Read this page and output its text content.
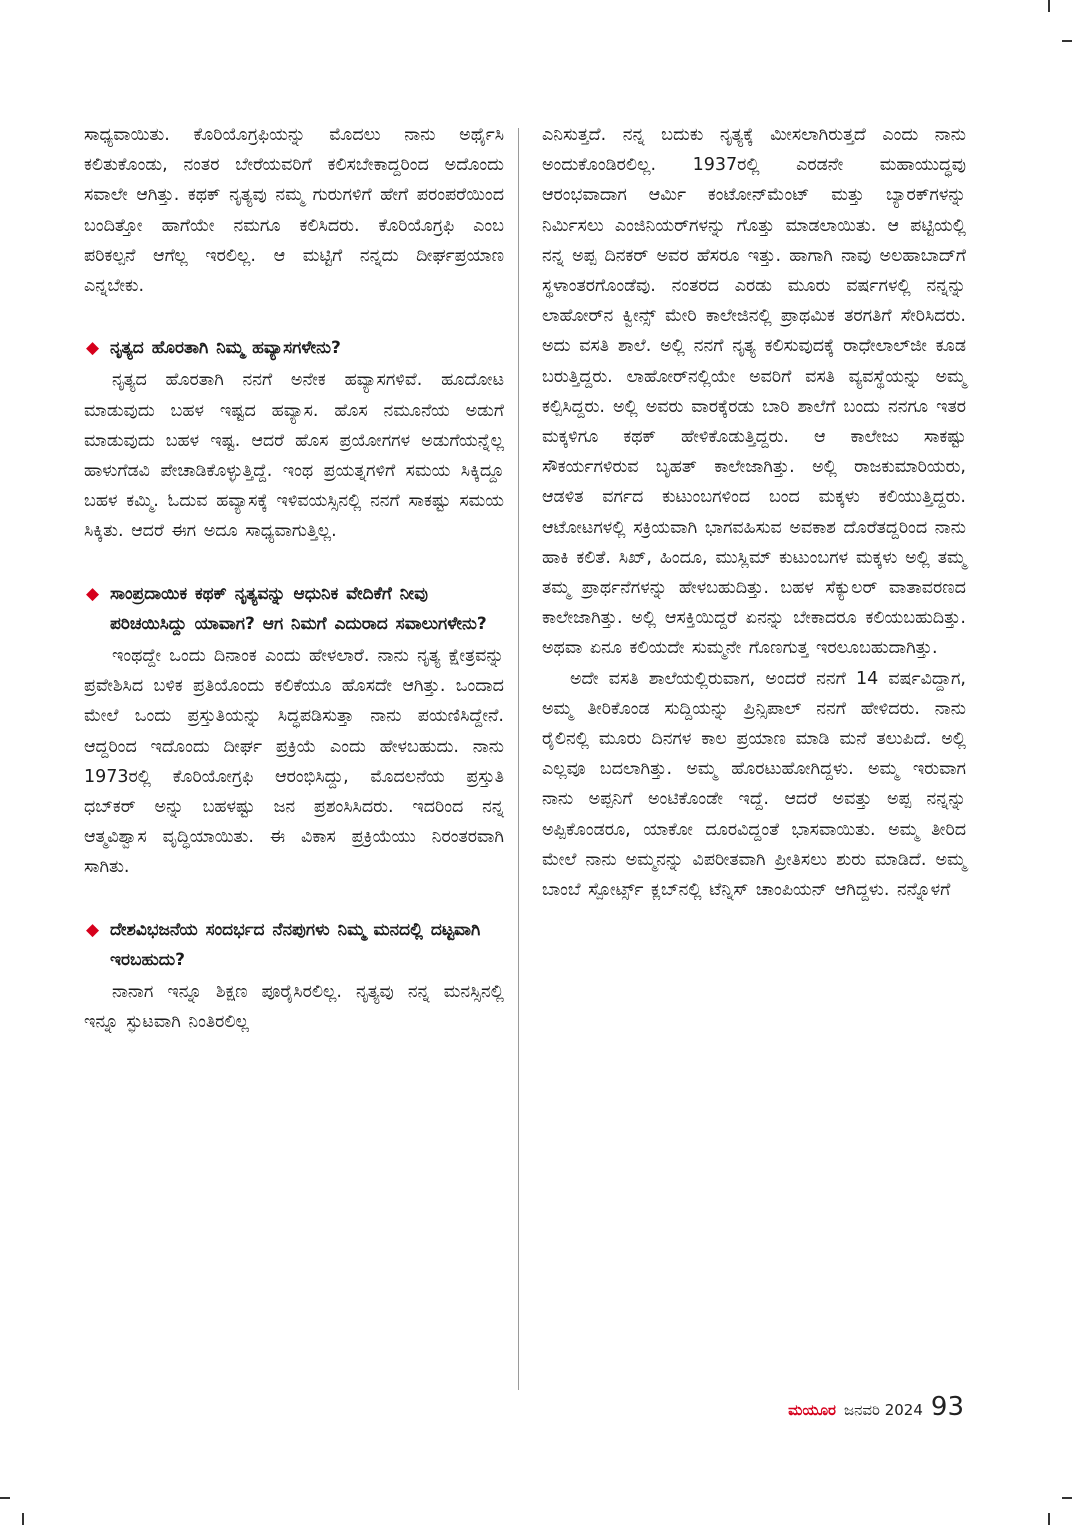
ಸಾಧ್ಯವಾಯಿತು. ಕೊರಿಯೊಗ್ರಫಿಯನ್ನು ಮೊದಲು ನಾನು ಅರ್ಥೈಸಿ ಕಲಿತುಕೊಂಡು, ನಂತರ ಬೇರೆಯವರಿಗೆ ಕಲಿಸಬೇಕಾದ್ದರಿಂದ ಅದೊಂದು ಸವಾಲೇ ಆಗಿತ್ತು. ಕಥಕ್ ನೃತ್ಯವು ನಮ್ಮ ಗುರುಗಳಿಗೆ ಹೇಗೆ ಪರಂಪರೆಯಿಂದ ಬಂದಿತ್ತೋ ಹಾಗೆಯೇ ನಮಗೂ ಕಲಿಸಿದರು. ಕೊರಿಯೊಗ್ರಫಿ ಎಂಬ ಪರಿಕಲ್ಪನೆ ಆಗೆಲ್ಲ ಇರಲಿಲ್ಲ. ಆ ಮಟ್ಟಿಗೆ ನನ್ನದು ದೀರ್ಘಪ್ರಯಾಣ ಎನ್ನಬೇಕು.

◆ ನೃತ್ಯದ ಹೊರತಾಗಿ ನಿಮ್ಮ ಹವ್ಯಾಸಗಳೇನು?

ನೃತ್ಯದ ಹೊರತಾಗಿ ನನಗೆ ಅನೇಕ ಹವ್ಯಾಸಗಳಿವೆ. ಹೂದೋಟ ಮಾಡುವುದು ಬಹಳ ಇಷ್ಟದ ಹವ್ಯಾಸ. ಹೊಸ ನಮೂನೆಯ ಅಡುಗೆ ಮಾಡುವುದು ಬಹಳ ಇಷ್ಟ. ಆದರೆ ಹೊಸ ಪ್ರಯೋಗಗಳ ಅಡುಗೆಯನ್ನೆಲ್ಲ ಹಾಳುಗೆಡವಿ ಪೇಚಾಡಿಕೊಳ್ಳುತ್ತಿದ್ದೆ. ಇಂಥ ಪ್ರಯತ್ನಗಳಿಗೆ ಸಮಯ ಸಿಕ್ಕಿದ್ದೂ ಬಹಳ ಕಮ್ಮಿ. ಓದುವ ಹವ್ಯಾಸಕ್ಕೆ ಇಳಿವಯಸ್ಸಿನಲ್ಲಿ ನನಗೆ ಸಾಕಷ್ಟು ಸಮಯ ಸಿಕ್ಕಿತು. ಆದರೆ ಈಗ ಅದೂ ಸಾಧ್ಯವಾಗುತ್ತಿಲ್ಲ.

◆ ಸಾಂಪ್ರದಾಯಿಕ ಕಥಕ್ ನೃತ್ಯವನ್ನು ಆಧುನಿಕ ವೇದಿಕೆಗೆ ನೀವು ಪರಿಚಯಿಸಿದ್ದು ಯಾವಾಗ? ಆಗ ನಿಮಗೆ ಎದುರಾದ ಸವಾಲುಗಳೇನು?

ಇಂಥದ್ದೇ ಒಂದು ದಿನಾಂಕ ಎಂದು ಹೇಳಲಾರೆ. ನಾನು ನೃತ್ಯ ಕ್ಷೇತ್ರವನ್ನು ಪ್ರವೇಶಿಸಿದ ಬಳಿಕ ಪ್ರತಿಯೊಂದು ಕಲಿಕೆಯೂ ಹೊಸದೇ ಆಗಿತ್ತು. ಒಂದಾದ ಮೇಲೆ ಒಂದು ಪ್ರಸ್ತುತಿಯನ್ನು ಸಿದ್ಧಪಡಿಸುತ್ತಾ ನಾನು ಪಯಣಿಸಿದ್ದೇನೆ. ಆದ್ದರಿಂದ ಇದೊಂದು ದೀರ್ಘ ಪ್ರಕ್ರಿಯೆ ಎಂದು ಹೇಳಬಹುದು. ನಾನು 1973ರಲ್ಲಿ ಕೊರಿಯೋಗ್ರಫಿ ಆರಂಭಿಸಿದ್ದು, ಮೊದಲನೆಯ ಪ್ರಸ್ತುತಿ ಧಬ್‌ಕರ್ ಅನ್ನು ಬಹಳಷ್ಟು ಜನ ಪ್ರಶಂಸಿಸಿದರು. ಇದರಿಂದ ನನ್ನ ಆತ್ಮವಿಶ್ವಾಸ ವೃದ್ಧಿಯಾಯಿತು. ಈ ವಿಕಾಸ ಪ್ರಕ್ರಿಯೆಯು ನಿರಂತರವಾಗಿ ಸಾಗಿತು.

◆ ದೇಶವಿಭಜನೆಯ ಸಂದರ್ಭದ ನೆನಪುಗಳು ನಿಮ್ಮ ಮನದಲ್ಲಿ ದಟ್ಟವಾಗಿ ಇರಬಹುದು?

ನಾನಾಗ ಇನ್ನೂ ಶಿಕ್ಷಣ ಪೂರೈಸಿರಲಿಲ್ಲ. ನೃತ್ಯವು ನನ್ನ ಮನಸ್ಸಿನಲ್ಲಿ ಇನ್ನೂ ಸ್ಫುಟವಾಗಿ ನಿಂತಿರಲಿಲ್ಲ

ಎನಿಸುತ್ತದೆ. ನನ್ನ ಬದುಕು ನೃತ್ಯಕ್ಕೆ ಮೀಸಲಾಗಿರುತ್ತದೆ ಎಂದು ನಾನು ಅಂದುಕೊಂಡಿರಲಿಲ್ಲ. 1937ರಲ್ಲಿ ಎರಡನೇ ಮಹಾಯುದ್ಧವು ಆರಂಭವಾದಾಗ ಆರ್ಮಿ ಕಂಟೋನ್‌ಮೆಂಟ್ ಮತ್ತು ಬ್ಯಾರಕ್‌ಗಳನ್ನು ನಿರ್ಮಿಸಲು ಎಂಜಿನಿಯರ್‌ಗಳನ್ನು ಗೊತ್ತು ಮಾಡಲಾಯಿತು. ಆ ಪಟ್ಟಿಯಲ್ಲಿ ನನ್ನ ಅಪ್ಪ ದಿನಕರ್ ಅವರ ಹೆಸರೂ ಇತ್ತು. ಹಾಗಾಗಿ ನಾವು ಅಲಹಾಬಾದ್‌ಗೆ ಸ್ಥಳಾಂತರಗೊಂಡೆವು. ನಂತರದ ಎರಡು ಮೂರು ವರ್ಷಗಳಲ್ಲಿ ನನ್ನನ್ನು ಲಾಹೋರ್‌ನ ಕ್ವೀನ್ಸ್ ಮೇರಿ ಕಾಲೇಜಿನಲ್ಲಿ ಪ್ರಾಥಮಿಕ ತರಗತಿಗೆ ಸೇರಿಸಿದರು. ಅದು ವಸತಿ ಶಾಲೆ. ಅಲ್ಲಿ ನನಗೆ ನೃತ್ಯ ಕಲಿಸುವುದಕ್ಕೆ ರಾಧೇಲಾಲ್‌ಜೀ ಕೂಡ ಬರುತ್ತಿದ್ದರು. ಲಾಹೋರ್‌ನಲ್ಲಿಯೇ ಅವರಿಗೆ ವಸತಿ ವ್ಯವಸ್ಥೆಯನ್ನು ಅಮ್ಮ ಕಲ್ಪಿಸಿದ್ದರು. ಅಲ್ಲಿ ಅವರು ವಾರಕ್ಕೆರಡು ಬಾರಿ ಶಾಲೆಗೆ ಬಂದು ನನಗೂ ಇತರ ಮಕ್ಕಳಿಗೂ ಕಥಕ್ ಹೇಳಿಕೊಡುತ್ತಿದ್ದರು. ಆ ಕಾಲೇಜು ಸಾಕಷ್ಟು ಸೌಕರ್ಯಗಳಿರುವ ಬೃಹತ್ ಕಾಲೇಜಾಗಿತ್ತು. ಅಲ್ಲಿ ರಾಜಕುಮಾರಿಯರು, ಆಡಳಿತ ವರ್ಗದ ಕುಟುಂಬಗಳಿಂದ ಬಂದ ಮಕ್ಕಳು ಕಲಿಯುತ್ತಿದ್ದರು. ಆಟೋಟಗಳಲ್ಲಿ ಸಕ್ರಿಯವಾಗಿ ಭಾಗವಹಿಸುವ ಅವಕಾಶ ದೊರೆತದ್ದರಿಂದ ನಾನು ಹಾಕಿ ಕಲಿತೆ. ಸಿಖ್, ಹಿಂದೂ, ಮುಸ್ಲಿಮ್ ಕುಟುಂಬಗಳ ಮಕ್ಕಳು ಅಲ್ಲಿ ತಮ್ಮ ತಮ್ಮ ಪ್ರಾರ್ಥನೆಗಳನ್ನು ಹೇಳಬಹುದಿತ್ತು. ಬಹಳ ಸೆಕ್ಯುಲರ್ ವಾತಾವರಣದ ಕಾಲೇಜಾಗಿತ್ತು. ಅಲ್ಲಿ ಆಸಕ್ತಿಯಿದ್ದರೆ ಏನನ್ನು ಬೇಕಾದರೂ ಕಲಿಯಬಹುದಿತ್ತು. ಅಥವಾ ಏನೂ ಕಲಿಯದೇ ಸುಮ್ಮನೇ ಗೊಣಗುತ್ತ ಇರಲೂಬಹುದಾಗಿತ್ತು.

ಅದೇ ವಸತಿ ಶಾಲೆಯಲ್ಲಿರುವಾಗ, ಅಂದರೆ ನನಗೆ 14 ವರ್ಷವಿದ್ದಾಗ, ಅಮ್ಮ ತೀರಿಕೊಂಡ ಸುದ್ದಿಯನ್ನು ಪ್ರಿನ್ಸಿಪಾಲ್ ನನಗೆ ಹೇಳಿದರು. ನಾನು ರೈಲಿನಲ್ಲಿ ಮೂರು ದಿನಗಳ ಕಾಲ ಪ್ರಯಾಣ ಮಾಡಿ ಮನೆ ತಲುಪಿದೆ. ಅಲ್ಲಿ ಎಲ್ಲವೂ ಬದಲಾಗಿತ್ತು. ಅಮ್ಮ ಹೊರಟುಹೋಗಿದ್ದಳು. ಅಮ್ಮ ಇರುವಾಗ ನಾನು ಅಪ್ಪನಿಗೆ ಅಂಟಿಕೊಂಡೇ ಇದ್ದೆ. ಆದರೆ ಅವತ್ತು ಅಪ್ಪ ನನ್ನನ್ನು ಅಪ್ಪಿಕೊಂಡರೂ, ಯಾಕೋ ದೂರವಿದ್ದಂತೆ ಭಾಸವಾಯಿತು. ಅಮ್ಮ ತೀರಿದ ಮೇಲೆ ನಾನು ಅಮ್ಮನನ್ನು ವಿಪರೀತವಾಗಿ ಪ್ರೀತಿಸಲು ಶುರು ಮಾಡಿದೆ. ಅಮ್ಮ ಬಾಂಬೆ ಸ್ಪೋರ್ಟ್ಸ್ ಕ್ಲಬ್‌ನಲ್ಲಿ ಟೆನ್ನಿಸ್ ಚಾಂಪಿಯನ್ ಆಗಿದ್ದಳು. ನನ್ನೊಳಗೆ

ಮಯೂರ ಜನವರಿ 2024 93
